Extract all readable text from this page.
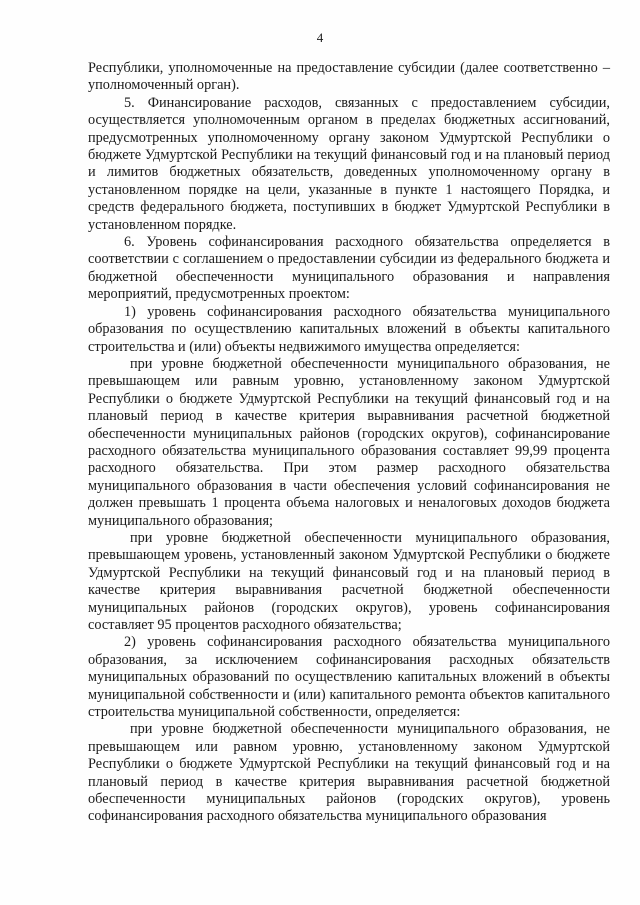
4

Республики, уполномоченные на предоставление субсидии (далее соответственно – уполномоченный орган).

5. Финансирование расходов, связанных с предоставлением субсидии, осуществляется уполномоченным органом в пределах бюджетных ассигнований, предусмотренных уполномоченному органу законом Удмуртской Республики о бюджете Удмуртской Республики на текущий финансовый год и на плановый период и лимитов бюджетных обязательств, доведенных уполномоченному органу в установленном порядке на цели, указанные в пункте 1 настоящего Порядка, и средств федерального бюджета, поступивших в бюджет Удмуртской Республики в установленном порядке.

6. Уровень софинансирования расходного обязательства определяется в соответствии с соглашением о предоставлении субсидии из федерального бюджета и бюджетной обеспеченности муниципального образования и направления мероприятий, предусмотренных проектом:

1) уровень софинансирования расходного обязательства муниципального образования по осуществлению капитальных вложений в объекты капитального строительства и (или) объекты недвижимого имущества определяется:

при уровне бюджетной обеспеченности муниципального образования, не превышающем или равным уровню, установленному законом Удмуртской Республики о бюджете Удмуртской Республики на текущий финансовый год и на плановый период в качестве критерия выравнивания расчетной бюджетной обеспеченности муниципальных районов (городских округов), софинансирование расходного обязательства муниципального образования составляет 99,99 процента расходного обязательства. При этом размер расходного обязательства муниципального образования в части обеспечения условий софинансирования не должен превышать 1 процента объема налоговых и неналоговых доходов бюджета муниципального образования;

при уровне бюджетной обеспеченности муниципального образования, превышающем уровень, установленный законом Удмуртской Республики о бюджете Удмуртской Республики на текущий финансовый год и на плановый период в качестве критерия выравнивания расчетной бюджетной обеспеченности муниципальных районов (городских округов), уровень софинансирования составляет 95 процентов расходного обязательства;

2) уровень софинансирования расходного обязательства муниципального образования, за исключением софинансирования расходных обязательств муниципальных образований по осуществлению капитальных вложений в объекты муниципальной собственности и (или) капитального ремонта объектов капитального строительства муниципальной собственности, определяется:

при уровне бюджетной обеспеченности муниципального образования, не превышающем или равном уровню, установленному законом Удмуртской Республики о бюджете Удмуртской Республики на текущий финансовый год и на плановый период в качестве критерия выравнивания расчетной бюджетной обеспеченности муниципальных районов (городских округов), уровень софинансирования расходного обязательства муниципального образования
